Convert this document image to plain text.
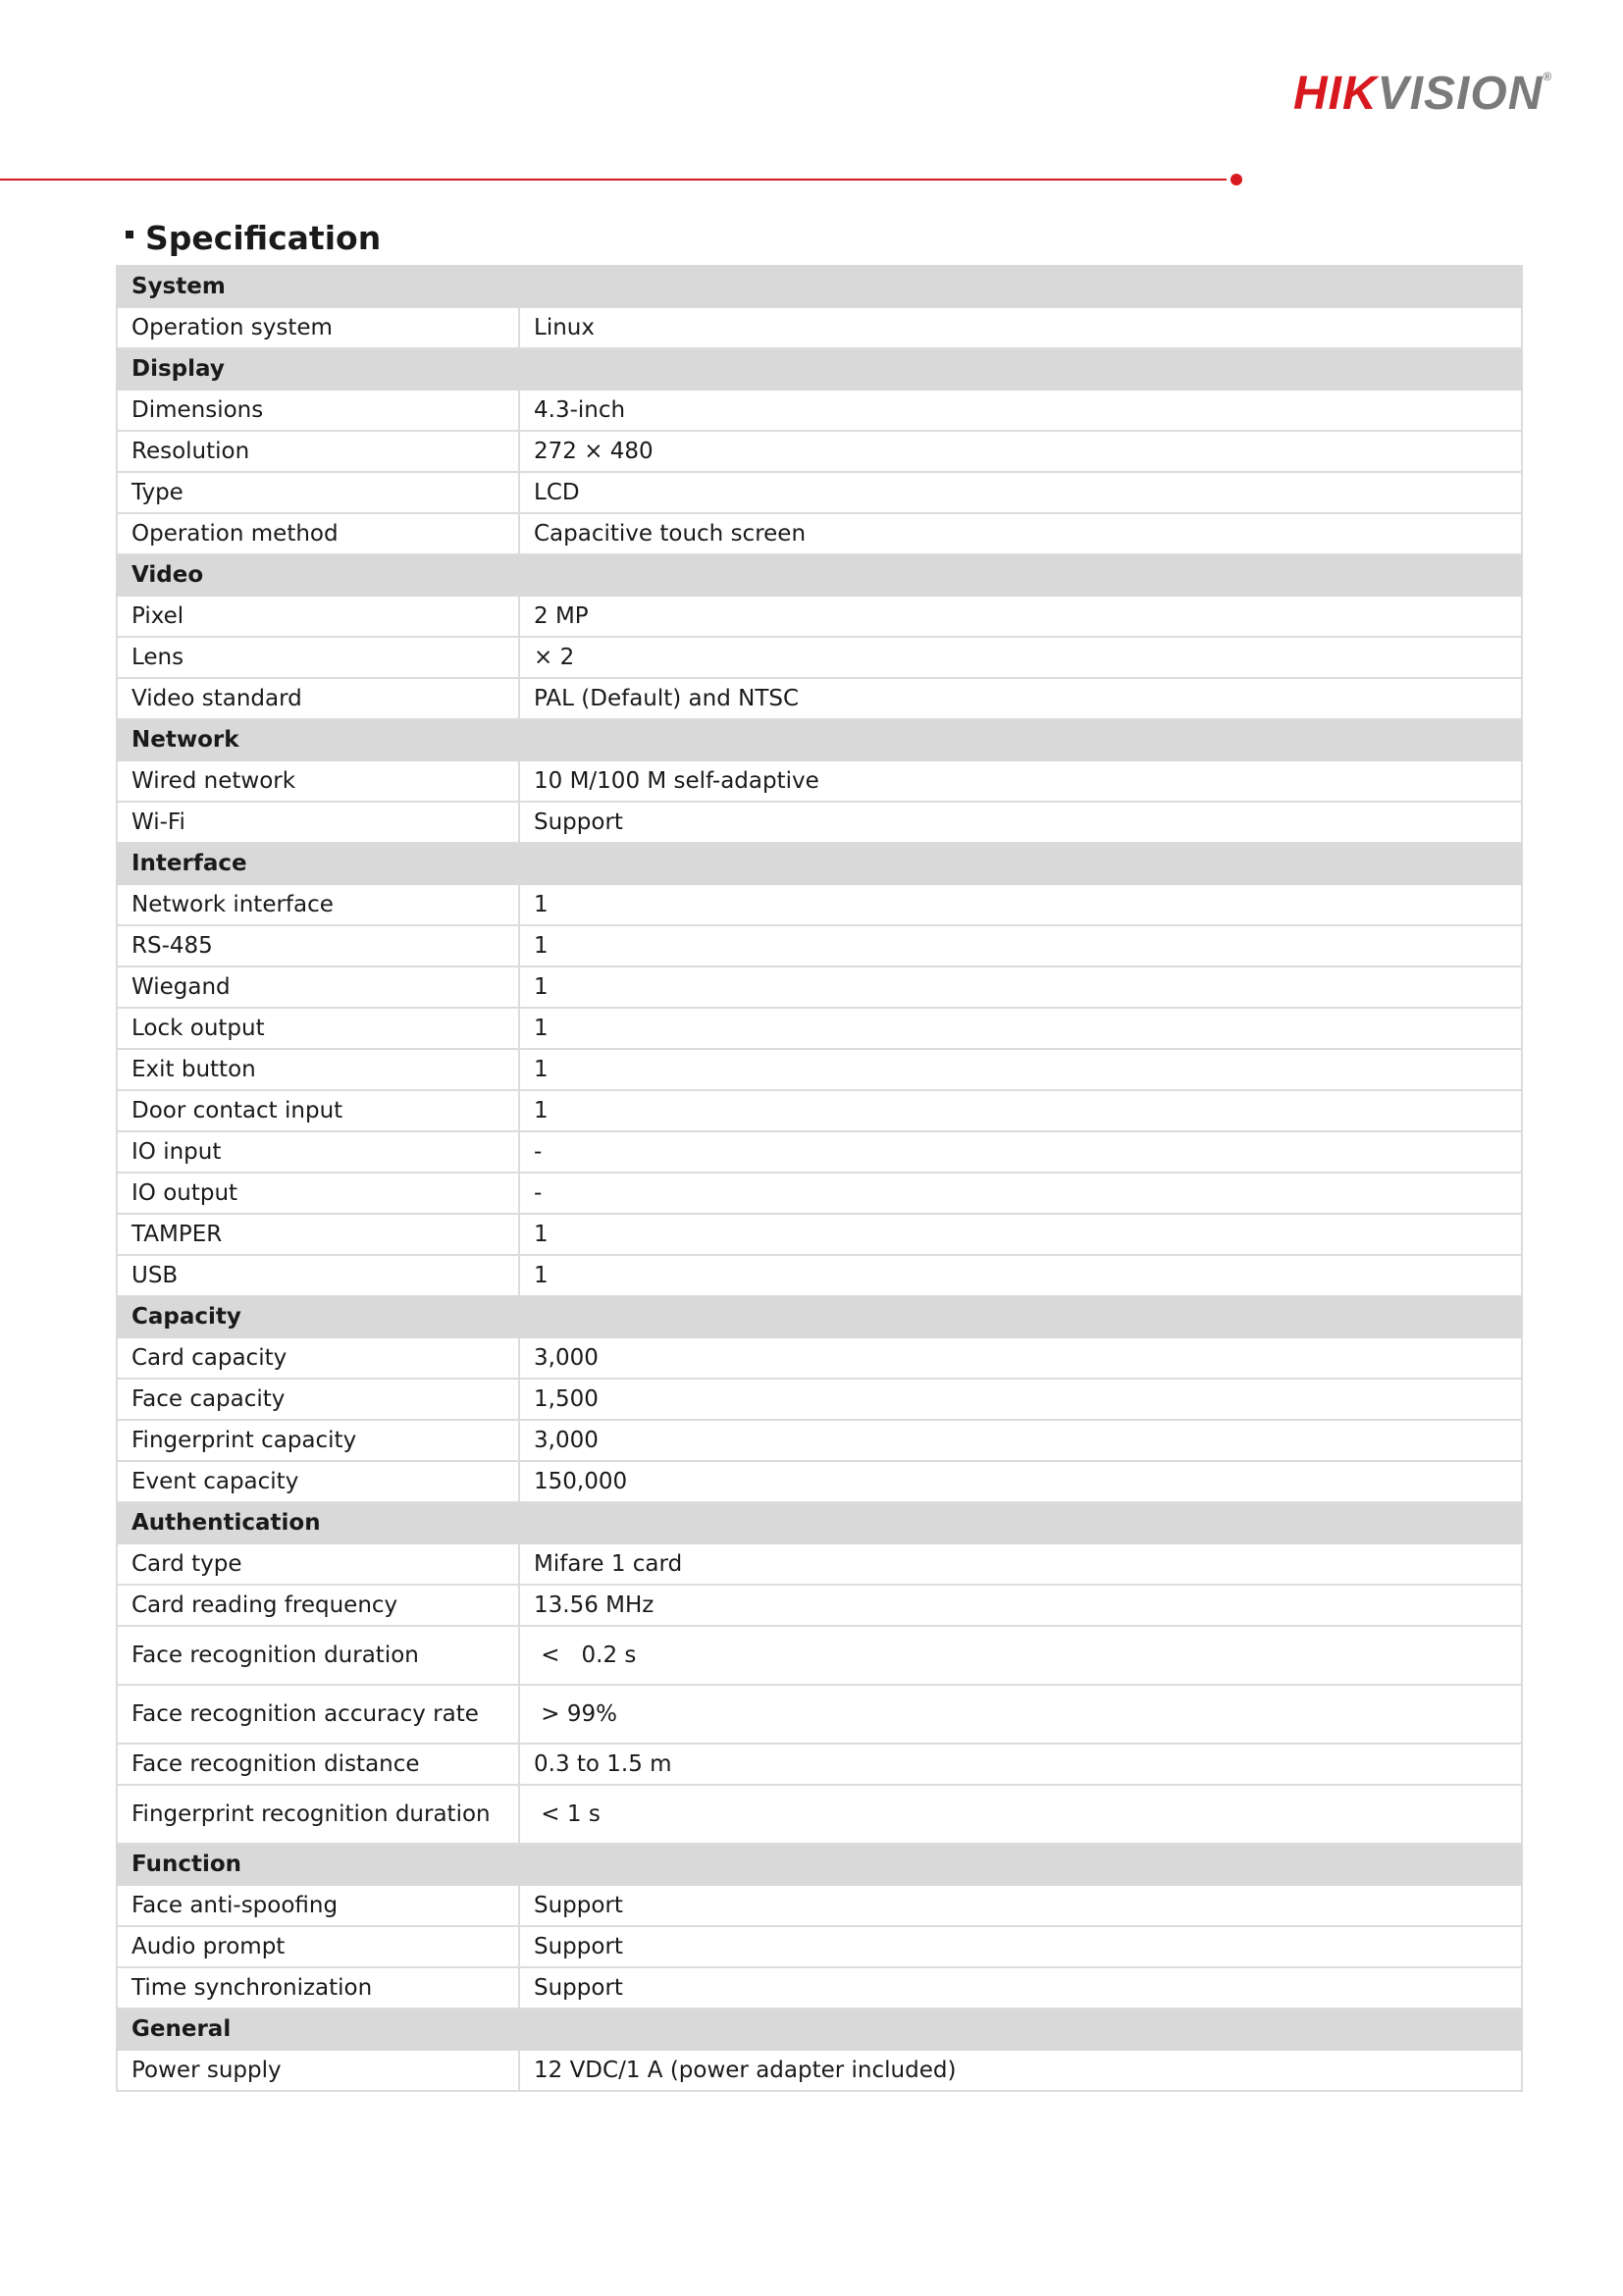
HIKVISION®
Specification
System	
Operation system	Linux
Display	
Dimensions	4.3-inch
Resolution	272 × 480
Type	LCD
Operation method	Capacitive touch screen
Video	
Pixel	2 MP
Lens	× 2
Video standard	PAL (Default) and NTSC
Network	
Wired network	10 M/100 M self-adaptive
Wi-Fi	Support
Interface	
Network interface	1
RS-485	1
Wiegand	1
Lock output	1
Exit button	1
Door contact input	1
IO input	-
IO output	-
TAMPER	1
USB	1
Capacity	
Card capacity	3,000
Face capacity	1,500
Fingerprint capacity	3,000
Event capacity	150,000
Authentication	
Card type	Mifare 1 card
Card reading frequency	13.56 MHz
Face recognition duration	<   0.2 s
Face recognition accuracy rate	> 99%
Face recognition distance	0.3 to 1.5 m
Fingerprint recognition duration	< 1 s
Function	
Face anti-spoofing	Support
Audio prompt	Support
Time synchronization	Support
General	
Power supply	12 VDC/1 A (power adapter included)
